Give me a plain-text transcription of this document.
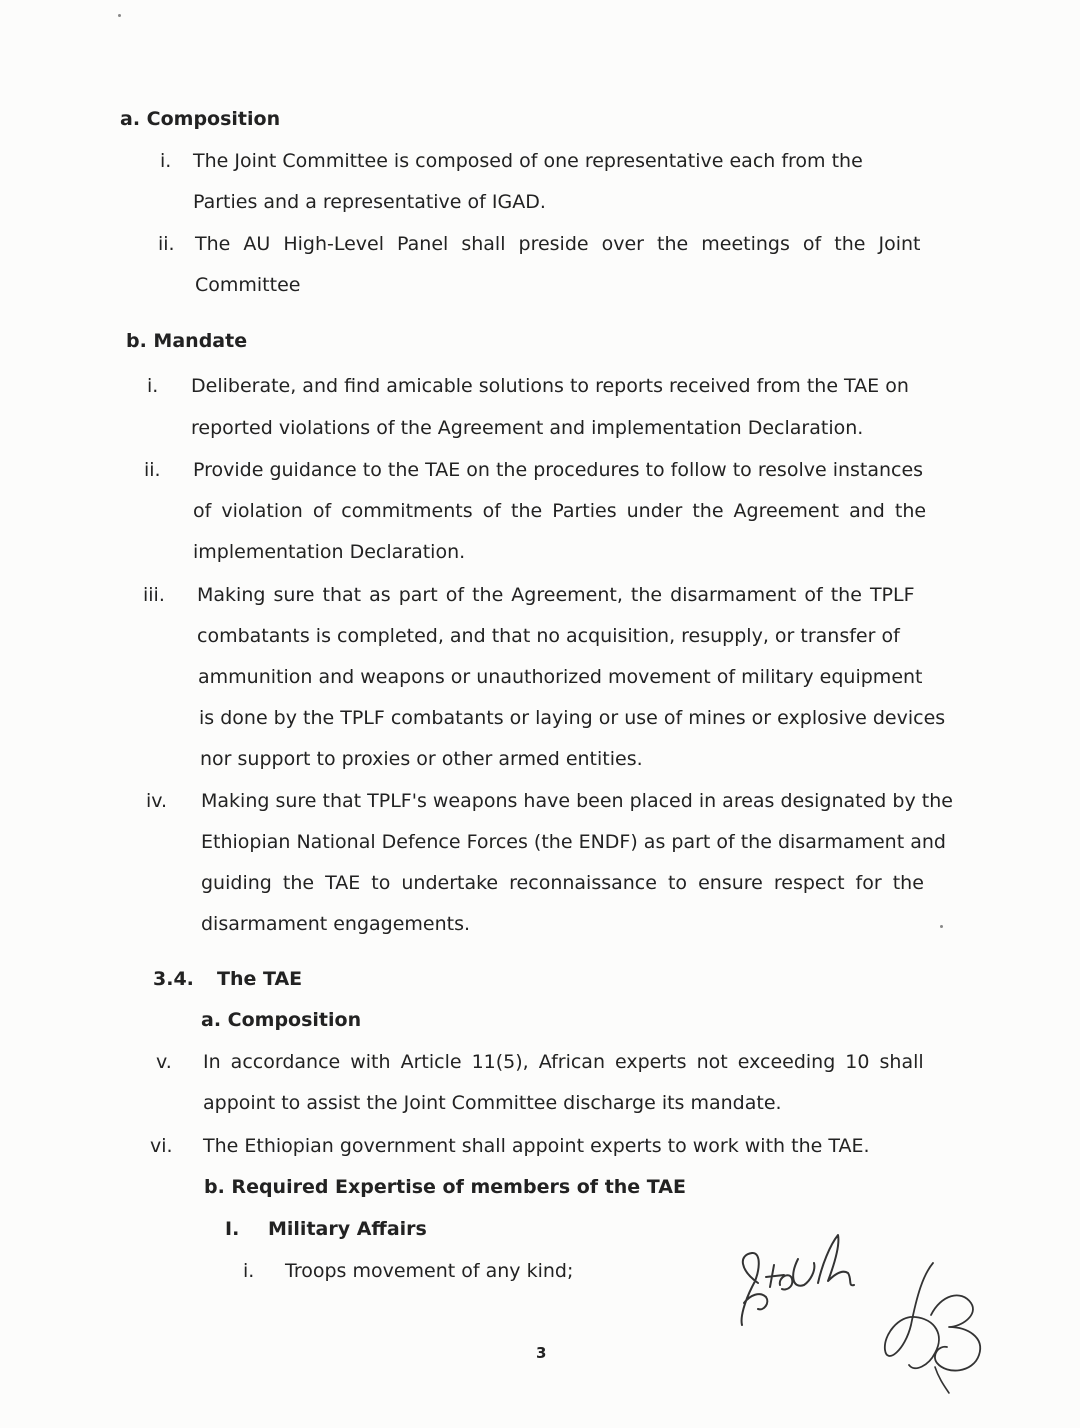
a. Composition
i. The Joint Committee is composed of one representative each from the
Parties and a representative of IGAD.
ii. The AU High-Level Panel shall preside over the meetings of the Joint
Committee
b. Mandate
i. Deliberate, and find amicable solutions to reports received from the TAE on
reported violations of the Agreement and implementation Declaration.
ii. Provide guidance to the TAE on the procedures to follow to resolve instances
of violation of commitments of the Parties under the Agreement and the
implementation Declaration.
iii. Making sure that as part of the Agreement, the disarmament of the TPLF
combatants is completed, and that no acquisition, resupply, or transfer of
ammunition and weapons or unauthorized movement of military equipment
is done by the TPLF combatants or laying or use of mines or explosive devices
nor support to proxies or other armed entities.
iv. Making sure that TPLF's weapons have been placed in areas designated by the
Ethiopian National Defence Forces (the ENDF) as part of the disarmament and
guiding the TAE to undertake reconnaissance to ensure respect for the
disarmament engagements.
3.4. The TAE
a. Composition
v. In accordance with Article 11(5), African experts not exceeding 10 shall
appoint to assist the Joint Committee discharge its mandate.
vi. The Ethiopian government shall appoint experts to work with the TAE.
b. Required Expertise of members of the TAE
I. Military Affairs
i. Troops movement of any kind;
3
